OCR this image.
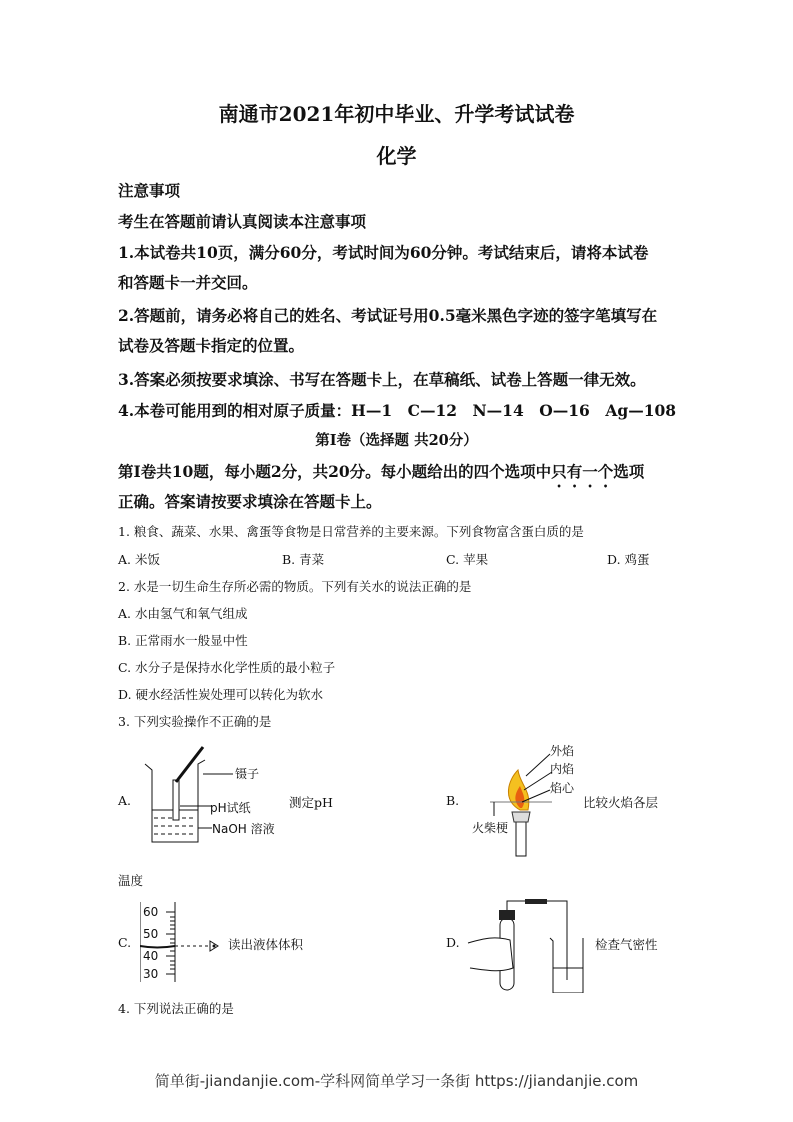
南通市2021年初中毕业、升学考试试卷
化学
注意事项
考生在答题前请认真阅读本注意事项
1.本试卷共10页，满分60分，考试时间为60分钟。考试结束后，请将本试卷
和答题卡一并交回。
2.答题前，请务必将自己的姓名、考试证号用0.5毫米黑色字迹的签字笔填写在
试卷及答题卡指定的位置。
3.答案必须按要求填涂、书写在答题卡上，在草稿纸、试卷上答题一律无效。
4.本卷可能用到的相对原子质量：H—1　C—12　N—14　O—16　Ag—108
第Ⅰ卷（选择题 共20分）
第Ⅰ卷共10题，每小题2分，共20分。每小题给出的四个选项中只有一个选项
正确。答案请按要求填涂在答题卡上。
1. 粮食、蔬菜、水果、禽蛋等食物是日常营养的主要来源。下列食物富含蛋白质的是
A. 米饭	B. 青菜	C. 苹果	D. 鸡蛋
2. 水是一切生命生存所必需的物质。下列有关水的说法正确的是
A. 水由氢气和氧气组成
B. 正常雨水一般显中性
C. 水分子是保持水化学性质的最小粒子
D. 硬水经活性炭处理可以转化为软水
3. 下列实验操作不正确的是
A.
镊子
pH试纸
NaOH 溶液
测定pH	B.
外焰
内焰
焰心
火柴梗
比较火焰各层
温度
C.
60
50
40
30
读出液体体积	D.	检查气密性
4. 下列说法正确的是
简单街-jiandanjie.com-学科网简单学习一条街 https://jiandanjie.com
